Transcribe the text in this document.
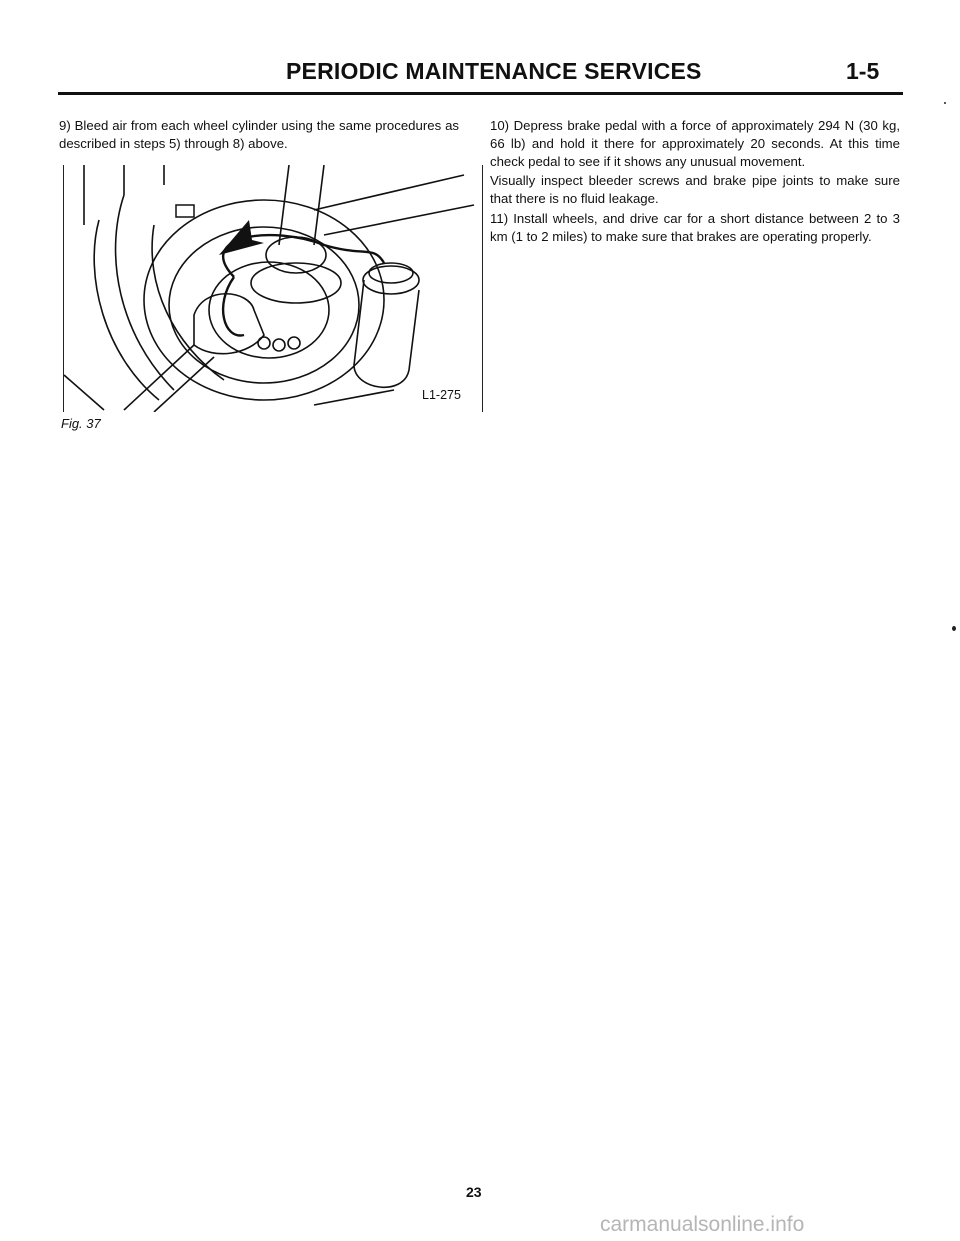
PERIODIC MAINTENANCE SERVICES	1-5

9) Bleed air from each wheel cylinder using the same procedures as described in steps 5) through 8) above.

L1-275
Fig. 37

10) Depress brake pedal with a force of approximately 294 N (30 kg, 66 lb) and hold it there for approximately 20 seconds. At this time check pedal to see if it shows any unusual movement.

Visually inspect bleeder screws and brake pipe joints to make sure that there is no fluid leakage.

11) Install wheels, and drive car for a short distance between 2 to 3 km (1 to 2 miles) to make sure that brakes are operating properly.

23
carmanualsonline.info
